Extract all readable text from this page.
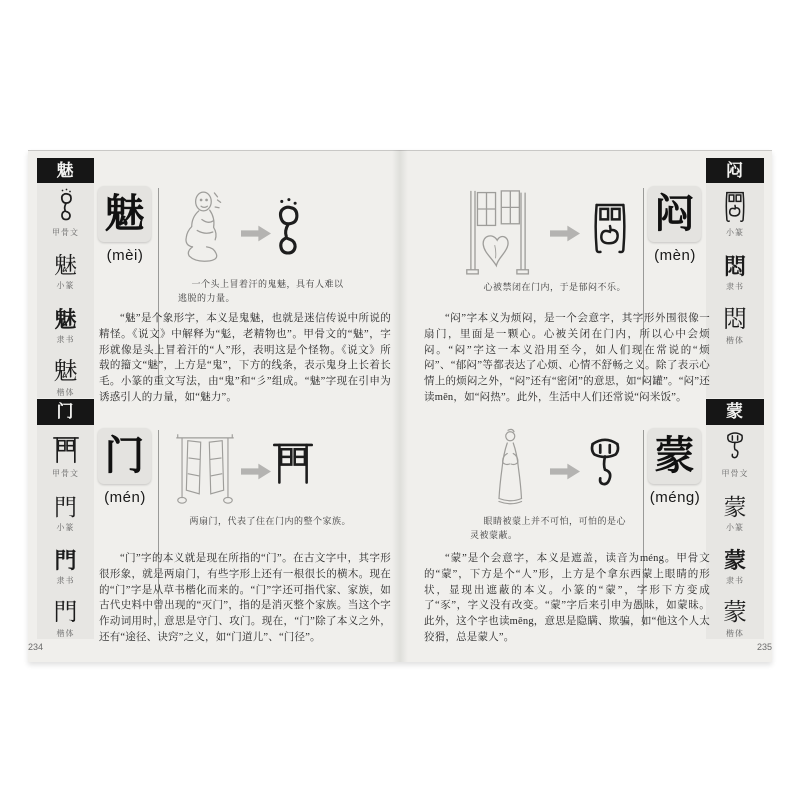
魅
甲骨文
魅
小篆
魅
隶书
魅
楷体
门
甲骨文
門
小篆
門
隶书
門
楷体
闷
小篆
悶
隶书
悶
楷体
蒙
甲骨文
蒙
小篆
蒙
隶书
蒙
楷体
魅
(mèi)
一个头上冒着汗的鬼魅，具有人难以逃脱的力量。
“魅”是个象形字，本义是鬼魅，也就是迷信传说中所说的精怪。《说文》中解释为“鬽，老精物也”。甲骨文的“魅”，字形就像是头上冒着汗的“人”形，表明这是个怪物。《说文》所载的籀文“魅”，上方是“鬼”，下方的线条，表示鬼身上长着长毛。小篆的重文写法，由“鬼”和“彡”组成。“魅”字现在引申为诱惑引人的力量，如“魅力”。
闷
(mèn)
心被禁闭在门内，于是郁闷不乐。
“闷”字本义为烦闷，是一个会意字，其字形外围很像一扇门，里面是一颗心。心被关闭在门内，所以心中会烦闷。“闷”字这一本义沿用至今，如人们现在常说的“烦闷”、“郁闷”等都表达了心烦、心情不舒畅之义。除了表示心情上的烦闷之外，“闷”还有“密闭”的意思，如“闷罐”。“闷”还读mēn，如“闷热”。此外，生活中人们还常说“闷米饭”。
门
(mén)
两扇门，代表了住在门内的整个家族。
“门”字的本义就是现在所指的“门”。在古文字中，其字形很形象，就是两扇门，有些字形上还有一根很长的横木。现在的“门”字是从草书楷化而来的。“门”字还可指代家、家族，如古代史料中曾出现的“灭门”，指的是消灭整个家族。当这个字作动词用时，意思是守门、攻门。现在，“门”除了本义之外，还有“途径、诀窍”之义，如“门道儿”、“门径”。
蒙
(méng)
眼睛被蒙上并不可怕，可怕的是心灵被蒙蔽。
“蒙”是个会意字，本义是遮盖，读音为méng。甲骨文的“蒙”，下方是个“人”形，上方是个拿东西蒙上眼睛的形状，显现出遮蔽的本义。小篆的“蒙”，字形下方变成了“豕”，字义没有改变。“蒙”字后来引申为愚昧，如蒙昧。此外，这个字也读mēng，意思是隐瞒、欺骗，如“他这个人太狡猾，总是蒙人”。
234	235
